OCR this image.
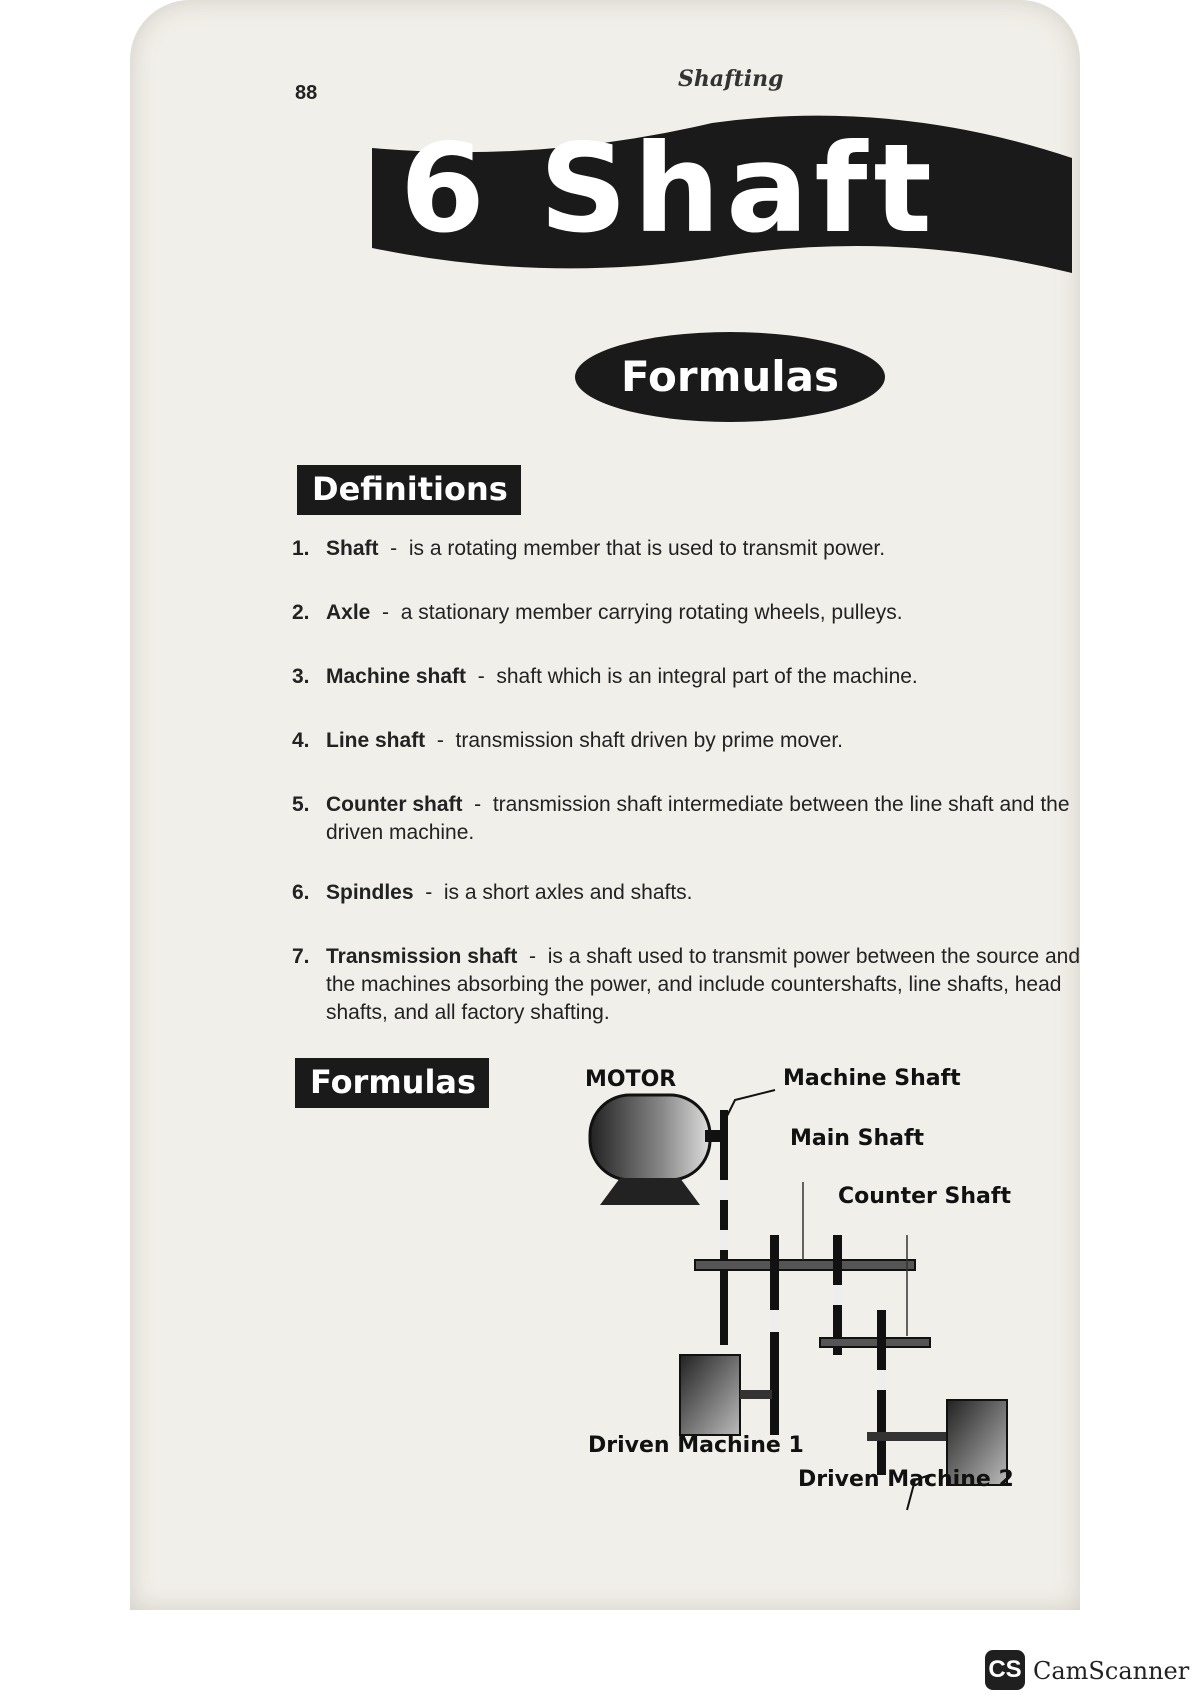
88
Shafting
6 Shaft
Formulas
Definitions
1. Shaft  -  is a rotating member that is used to transmit power.
2. Axle  -  a stationary member carrying rotating wheels, pulleys.
3. Machine shaft  -  shaft which is an integral part of the machine.
4. Line shaft  -  transmission shaft driven by prime mover.
5. Counter shaft  -  transmission shaft intermediate between the line shaft and the driven machine.
6. Spindles  -  is a short axles and shafts.
7. Transmission shaft  -  is a shaft used to transmit power between the source and the machines absorbing the power, and include countershafts, line shafts, head shafts, and all factory shafting.
Formulas	MOTOR	Machine Shaft
Main Shaft
Counter Shaft
Driven Machine 1
Driven Machine 2
CS CamScanner
